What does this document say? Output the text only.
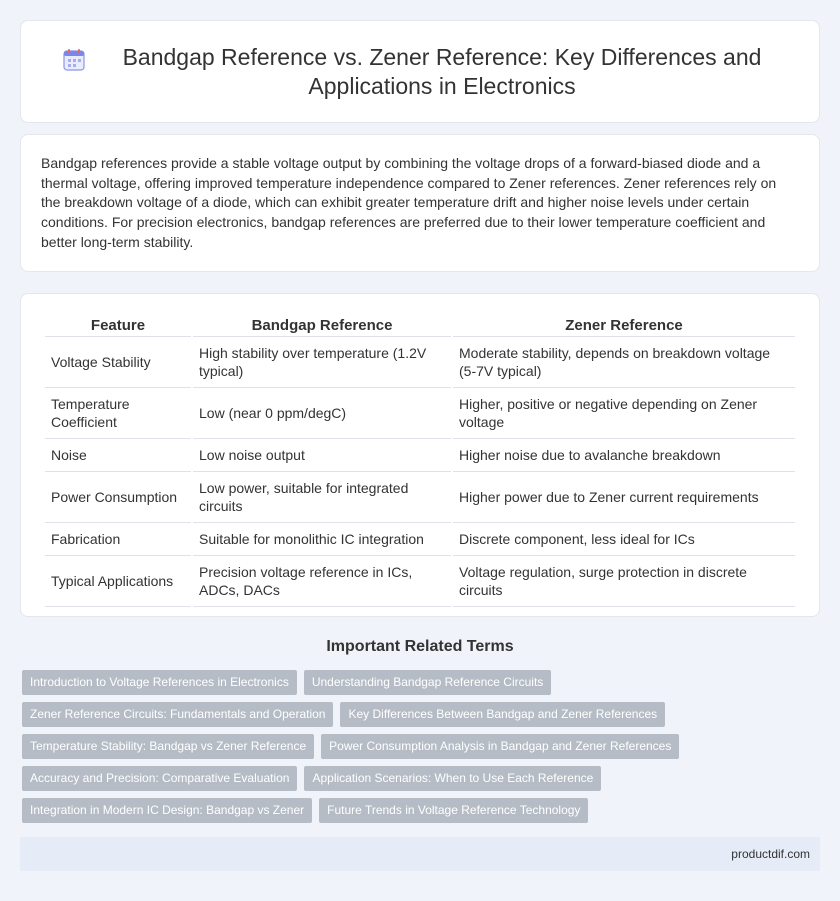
Bandgap Reference vs. Zener Reference: Key Differences and Applications in Electronics

Bandgap references provide a stable voltage output by combining the voltage drops of a forward-biased diode and a thermal voltage, offering improved temperature independence compared to Zener references. Zener references rely on the breakdown voltage of a diode, which can exhibit greater temperature drift and higher noise levels under certain conditions. For precision electronics, bandgap references are preferred due to their lower temperature coefficient and better long-term stability.

Feature	Bandgap Reference	Zener Reference
Voltage Stability	High stability over temperature (1.2V typical)	Moderate stability, depends on breakdown voltage (5-7V typical)
Temperature Coefficient	Low (near 0 ppm/degC)	Higher, positive or negative depending on Zener voltage
Noise	Low noise output	Higher noise due to avalanche breakdown
Power Consumption	Low power, suitable for integrated circuits	Higher power due to Zener current requirements
Fabrication	Suitable for monolithic IC integration	Discrete component, less ideal for ICs
Typical Applications	Precision voltage reference in ICs, ADCs, DACs	Voltage regulation, surge protection in discrete circuits
Important Related Terms
Introduction to Voltage References in Electronics	Understanding Bandgap Reference Circuits
Zener Reference Circuits: Fundamentals and Operation	Key Differences Between Bandgap and Zener References
Temperature Stability: Bandgap vs Zener Reference	Power Consumption Analysis in Bandgap and Zener References
Accuracy and Precision: Comparative Evaluation	Application Scenarios: When to Use Each Reference
Integration in Modern IC Design: Bandgap vs Zener	Future Trends in Voltage Reference Technology
productdif.com
